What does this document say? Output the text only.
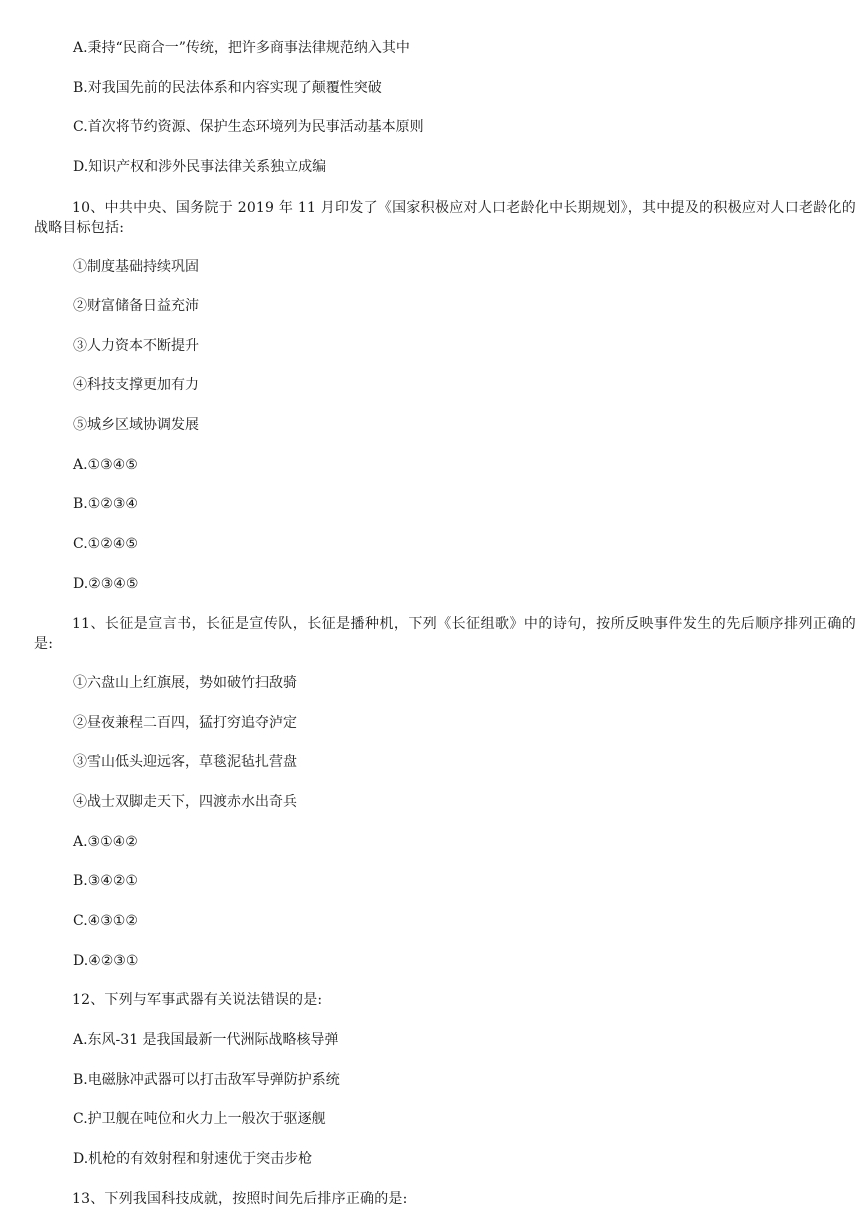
A.秉持“民商合一”传统，把许多商事法律规范纳入其中
B.对我国先前的民法体系和内容实现了颠覆性突破
C.首次将节约资源、保护生态环境列为民事活动基本原则
D.知识产权和涉外民事法律关系独立成编
10、中共中央、国务院于 2019 年 11 月印发了《国家积极应对人口老龄化中长期规划》，其中提及的积极应对人口老龄化的战略目标包括:
①制度基础持续巩固
②财富储备日益充沛
③人力资本不断提升
④科技支撑更加有力
⑤城乡区域协调发展
A.①③④⑤
B.①②③④
C.①②④⑤
D.②③④⑤
11、长征是宣言书，长征是宣传队，长征是播种机，下列《长征组歌》中的诗句，按所反映事件发生的先后顺序排列正确的是:
①六盘山上红旗展，势如破竹扫敌骑
②昼夜兼程二百四，猛打穷追夺泸定
③雪山低头迎远客，草毯泥毡扎营盘
④战士双脚走天下，四渡赤水出奇兵
A.③①④②
B.③④②①
C.④③①②
D.④②③①
12、下列与军事武器有关说法错误的是:
A.东风-31 是我国最新一代洲际战略核导弹
B.电磁脉冲武器可以打击敌军导弹防护系统
C.护卫舰在吨位和火力上一般次于驱逐舰
D.机枪的有效射程和射速优于突击步枪
13、下列我国科技成就，按照时间先后排序正确的是:
